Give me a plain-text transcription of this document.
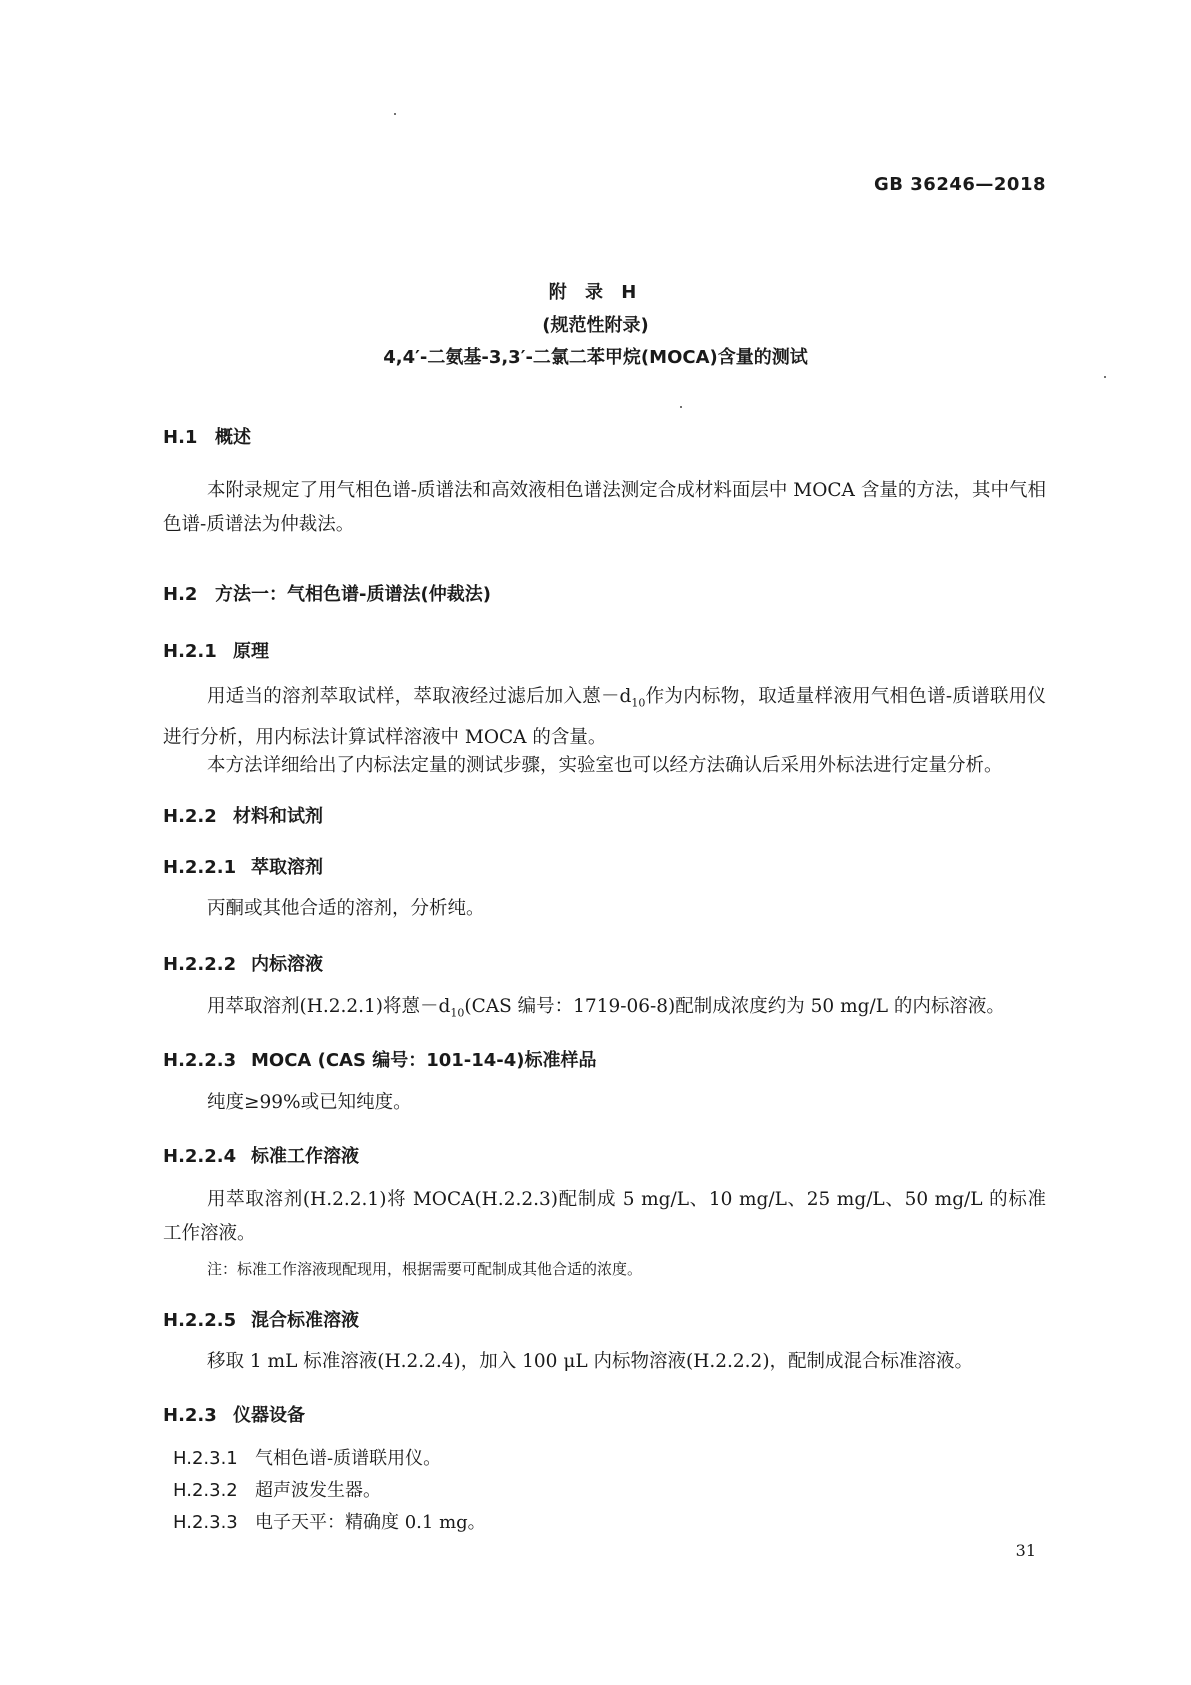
GB 36246—2018
附 录 H
(规范性附录)
4,4′-二氨基-3,3′-二氯二苯甲烷(MOCA)含量的测试
H.1 概述
本附录规定了用气相色谱-质谱法和高效液相色谱法测定合成材料面层中 MOCA 含量的方法，其中气相色谱-质谱法为仲裁法。
H.2 方法一：气相色谱-质谱法(仲裁法)
H.2.1 原理
用适当的溶剂萃取试样，萃取液经过滤后加入蒽$-d_{10}$作为内标物，取适量样液用气相色谱-质谱联用仪进行分析，用内标法计算试样溶液中 MOCA 的含量。
本方法详细给出了内标法定量的测试步骤，实验室也可以经方法确认后采用外标法进行定量分析。
H.2.2 材料和试剂
H.2.2.1 萃取溶剂
丙酮或其他合适的溶剂，分析纯。
H.2.2.2 内标溶液
用萃取溶剂(H.2.2.1)将蒽$-d_{10}(CAS$ 编号：1719-06-8)配制成浓度约为 50 mg/L 的内标溶液。
H.2.2.3 MOCA (CAS 编号：101-14-4)标准样品
纯度≥99%或已知纯度。
H.2.2.4 标准工作溶液
用萃取溶剂(H.2.2.1)将 MOCA(H.2.2.3)配制成 5 mg/L、10 mg/L、25 mg/L、50 mg/L 的标准工作溶液。
注：标准工作溶液现配现用，根据需要可配制成其他合适的浓度。
H.2.2.5 混合标准溶液
移取 1 mL 标准溶液(H.2.2.4)，加入 100 μL 内标物溶液(H.2.2.2)，配制成混合标准溶液。
H.2.3 仪器设备
H.2.3.1 气相色谱-质谱联用仪。
H.2.3.2 超声波发生器。
H.2.3.3 电子天平：精确度 0.1 mg。
31
